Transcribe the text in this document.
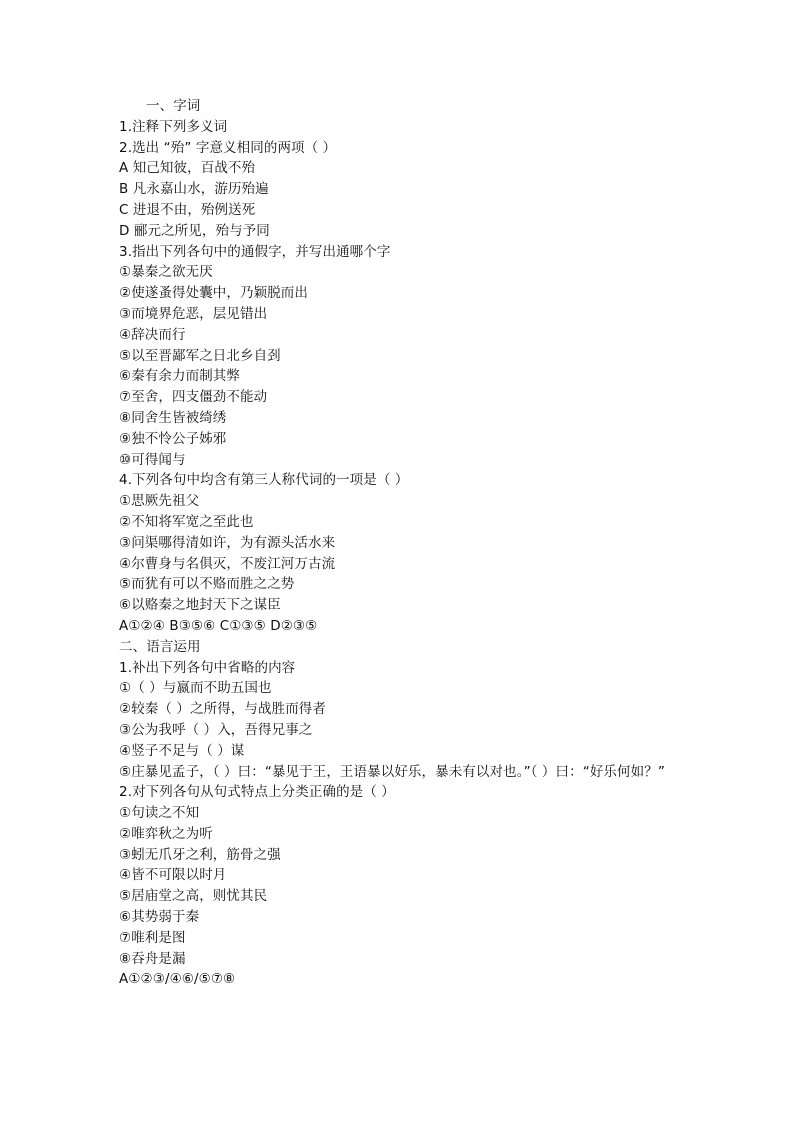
一、字词
1.注释下列多义词
2.选出 “殆” 字意义相同的两项（ ）
A 知己知彼，百战不殆
B 凡永嘉山水，游历殆遍
C 进退不由，殆例送死
D 郦元之所见，殆与予同
3.指出下列各句中的通假字，并写出通哪个字
①暴秦之欲无厌
②使遂蚤得处囊中，乃颖脱而出
③而境界危恶，层见错出
④辞决而行
⑤以至晋鄙军之日北乡自刭
⑥秦有余力而制其弊
⑦至舍，四支僵劲不能动
⑧同舍生皆被绮绣
⑨独不怜公子姊邪
⑩可得闻与
4.下列各句中均含有第三人称代词的一项是（ ）
①思厥先祖父
②不知将军宽之至此也
③问渠哪得清如许，为有源头活水来
④尔曹身与名俱灭，不废江河万古流
⑤而犹有可以不赂而胜之之势
⑥以赂秦之地封天下之谋臣
A①②④ B③⑤⑥ C①③⑤ D②③⑤
二、语言运用
1.补出下列各句中省略的内容
①（ ）与嬴而不助五国也
②较秦（ ）之所得，与战胜而得者
③公为我呼（ ）入，吾得兄事之
④竖子不足与（ ）谋
⑤庄暴见孟子，（ ）曰：“暴见于王，王语暴以好乐，暴未有以对也。”（ ）曰：“好乐何如？”
2.对下列各句从句式特点上分类正确的是（ ）
①句读之不知
②唯弈秋之为听
③蚓无爪牙之利，筋骨之强
④皆不可限以时月
⑤居庙堂之高，则忧其民
⑥其势弱于秦
⑦唯利是图
⑧吞舟是漏
A①②③/④⑥/⑤⑦⑧
